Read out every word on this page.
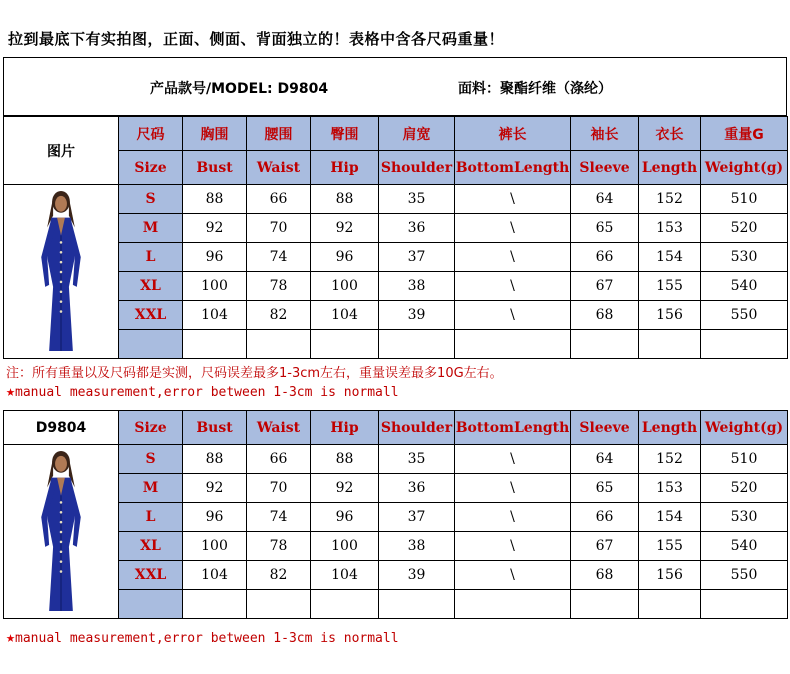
拉到最底下有实拍图，正面、侧面、背面独立的！表格中含各尺码重量！
产品款号/MODEL: D9804	面料：聚酯纤维（涤纶）
图片	尺码	胸围	腰围	臀围	肩宽	裤长	袖长	衣长	重量G
	Size	Bust	Waist	Hip	Shoulder	BottomLength	Sleeve	Length	Weight(g)

	S	88	66	88	35	\	64	152	510
	M	92	70	92	36	\	65	153	520
	L	96	74	96	37	\	66	154	530
	XL	100	78	100	38	\	67	155	540
	XXL	104	82	104	39	\	68	156	550

D9804	Size	Bust	Waist	Hip	Shoulder	BottomLength	Sleeve	Length	Weight(g)

	S	88	66	88	35	\	64	152	510
	M	92	70	92	36	\	65	153	520
	L	96	74	96	37	\	66	154	530
	XL	100	78	100	38	\	67	155	540
	XXL	104	82	104	39	\	68	156	550

注：所有重量以及尺码都是实测，尺码误差最多1-3cm左右，重量误差最多10G左右。
★manual measurement,error between 1-3cm is normall
★manual measurement,error between 1-3cm is normall
